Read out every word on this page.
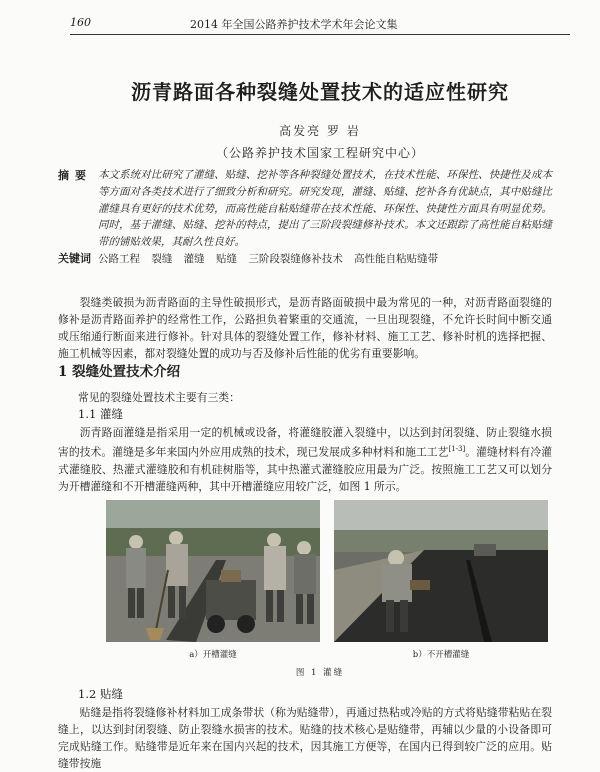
160	2014 年全国公路养护技术学术年会论文集
沥青路面各种裂缝处置技术的适应性研究
高发亮 罗 岩
（公路养护技术国家工程研究中心）
摘要 本文系统对比研究了灌缝、贴缝、挖补等各种裂缝处置技术，在技术性能、环保性、快捷性及成本等方面对各类技术进行了细致分析和研究。研究发现，灌缝、贴缝、挖补各有优缺点，其中贴缝比灌缝具有更好的技术优势，而高性能自粘贴缝带在技术性能、环保性、快捷性方面具有明显优势。同时，基于灌缝、贴缝、挖补的特点，提出了三阶段裂缝修补技术。本文还跟踪了高性能自粘贴缝带的铺贴效果，其耐久性良好。
关键词 公路工程 裂缝 灌缝 贴缝 三阶段裂缝修补技术 高性能自粘贴缝带
裂缝类破损为沥青路面的主导性破损形式，是沥青路面破损中最为常见的一种，对沥青路面裂缝的修补是沥青路面养护的经常性工作，公路担负着繁重的交通流，一旦出现裂缝，不允许长时间中断交通或压缩通行断面来进行修补。针对具体的裂缝处置工作，修补材料、施工工艺、修补时机的选择把握、施工机械等因素，都对裂缝处置的成功与否及修补后性能的优劣有重要影响。
1 裂缝处置技术介绍
常见的裂缝处置技术主要有三类：
1.1 灌缝
沥青路面灌缝是指采用一定的机械或设备，将灌缝胶灌入裂缝中，以达到封闭裂缝、防止裂缝水损害的技术。灌缝是多年来国内外应用成熟的技术，现已发展成多种材料和施工工艺[1-3]。灌缝材料有冷灌式灌缝胶、热灌式灌缝胶和有机硅树脂等，其中热灌式灌缝胶应用最为广泛。按照施工工艺又可以划分为开槽灌缝和不开槽灌缝两种，其中开槽灌缝应用较广泛，如图 1 所示。
a）开槽灌缝	b）不开槽灌缝
图 1 灌缝
1.2 贴缝
贴缝是指将裂缝修补材料加工成条带状（称为贴缝带），再通过热粘或冷贴的方式将贴缝带粘贴在裂缝上，以达到封闭裂缝、防止裂缝水损害的技术。贴缝的技术核心是贴缝带，再辅以少量的小设备即可完成贴缝工作。贴缝带是近年来在国内兴起的技术，因其施工方便等，在国内已得到较广泛的应用。贴缝带按施
